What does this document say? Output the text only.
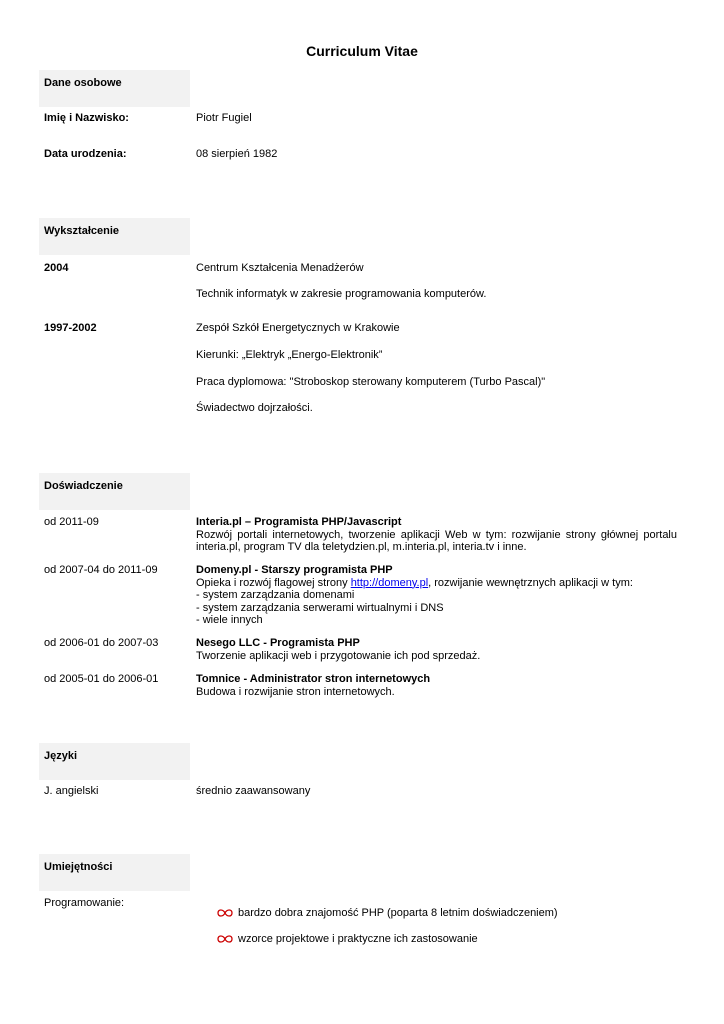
Curriculum Vitae
Dane osobowe
Imię i Nazwisko:	Piotr Fugiel
Data urodzenia:	08 sierpień 1982
Wykształcenie
2004	Centrum Kształcenia Menadżerów
Technik informatyk w zakresie programowania komputerów.
1997-2002	Zespół Szkół Energetycznych w Krakowie
Kierunki: „Elektryk „Energo-Elektronik”
Praca dyplomowa: "Stroboskop sterowany komputerem (Turbo Pascal)"
Świadectwo dojrzałości.
Doświadczenie
od 2011-09	Interia.pl – Programista PHP/Javascript
Rozwój portali internetowych, tworzenie aplikacji Web w tym: rozwijanie strony głównej portalu interia.pl, program TV dla teletydzien.pl, m.interia.pl, interia.tv i inne.
od 2007-04 do 2011-09	Domeny.pl - Starszy programista PHP
Opieka i rozwój flagowej strony http://domeny.pl, rozwijanie wewnętrznych aplikacji w tym:
- system zarządzania domenami
- system zarządzania serwerami wirtualnymi i DNS
- wiele innych
od 2006-01 do 2007-03	Nesego LLC - Programista PHP
Tworzenie aplikacji web i przygotowanie ich pod sprzedaż.
od 2005-01 do 2006-01	Tomnice - Administrator stron internetowych
Budowa i rozwijanie stron internetowych.
Języki
J. angielski	średnio zaawansowany
Umiejętności
Programowanie:
bardzo dobra znajomość PHP (poparta 8 letnim doświadczeniem)
wzorce projektowe i praktyczne ich zastosowanie
